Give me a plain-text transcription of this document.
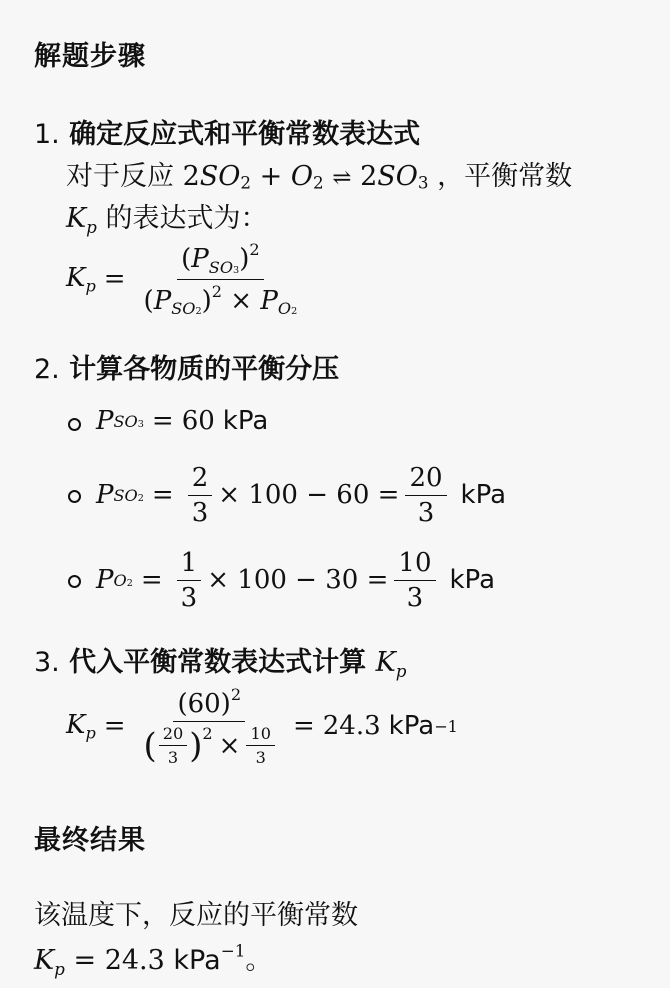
解题步骤
1. 确定反应式和平衡常数表达式
对于反应 2SO2 + O2 ⇌ 2SO3 ，平衡常数
$K_p$ 的表达式为：
$K_p = \frac{(P_{SO3})^2}{(P_{SO2})^2 \times P_{O2}}$
2. 计算各物质的平衡分压
P SO3 = 60 kPa
P $SO2 = \frac{2}{3} \times 100 - 60 = \frac{20}{3}$ kPa
P $O2 = \frac{1}{3} \times 100 - 30 = \frac{10}{3}$ kPa
3. 代入平衡常数表达式计算 $K_p$
$K_p = \frac{(60)^2}{( \frac{20}{3} ) 2 \times \frac{10}{3}} = 24.3$ kPa −1
最终结果
该温度下，反应的平衡常数
$K_p = 24.3$ kPa$^{-1}$。
